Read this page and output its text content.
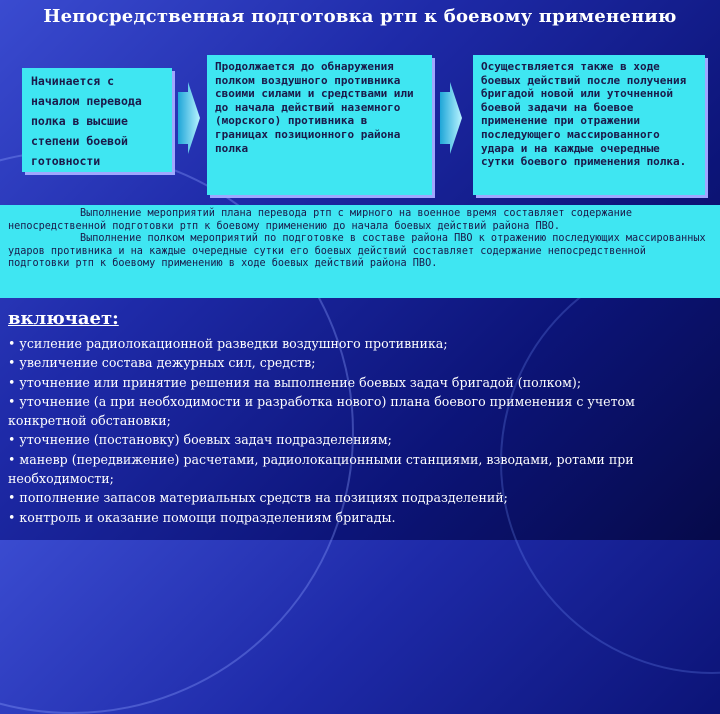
Непосредственная подготовка ртп к боевому применению
Начинается с началом перевода полка в высшие степени боевой готовности
Продолжается до обнаружения полком воздушного противника своими силами и средствами или до начала действий наземного (морского) противника в границах позиционного района полка
Осуществляется также в ходе боевых действий после получения бригадой новой или уточненной боевой задачи на боевое применение при отражении последующего массированного удара и на каждые очередные сутки боевого применения полка.

Выполнение мероприятий плана перевода ртп с мирного на военное время составляет содержание непосредственной подготовки ртп к боевому применению до начала боевых действий района ПВО.

Выполнение полком мероприятий по подготовке в составе района ПВО к отражению последующих массированных ударов противника и на каждые очередные сутки его боевых действий составляет содержание непосредственной подготовки ртп к боевому применению в ходе боевых действий района ПВО.

включает:
• усиление радиолокационной разведки воздушного противника;
• увеличение состава дежурных сил, средств;
• уточнение или принятие решения на выполнение боевых задач бригадой (полком);
• уточнение (а при необходимости и разработка нового) плана боевого применения с учетом конкретной обстановки;
• уточнение (постановку) боевых задач подразделениям;
• маневр (передвижение) расчетами, радиолокационными станциями, взводами, ротами при необходимости;
• пополнение запасов материальных средств на позициях подразделений;
• контроль и оказание помощи подразделениям бригады.
